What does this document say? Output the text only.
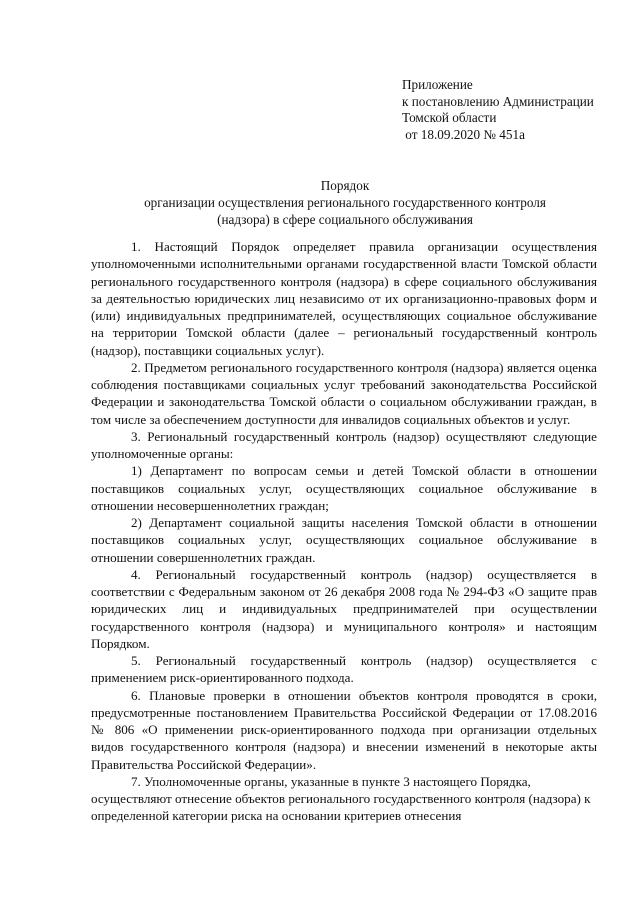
Приложение
к постановлению Администрации
Томской области
от 18.09.2020 № 451а
Порядок
организации осуществления регионального государственного контроля
(надзора) в сфере социального обслуживания

1. Настоящий Порядок определяет правила организации осуществления уполномоченными исполнительными органами государственной власти Томской области регионального государственного контроля (надзора) в сфере социального обслуживания за деятельностью юридических лиц независимо от их организационно-правовых форм и (или) индивидуальных предпринимателей, осуществляющих социальное обслуживание на территории Томской области (далее – региональный государственный контроль (надзор), поставщики социальных услуг).

2. Предметом регионального государственного контроля (надзора) является оценка соблюдения поставщиками социальных услуг требований законодательства Российской Федерации и законодательства Томской области о социальном обслуживании граждан, в том числе за обеспечением доступности для инвалидов социальных объектов и услуг.

3. Региональный государственный контроль (надзор) осуществляют следующие уполномоченные органы:

1) Департамент по вопросам семьи и детей Томской области в отношении поставщиков социальных услуг, осуществляющих социальное обслуживание в отношении несовершеннолетних граждан;

2) Департамент социальной защиты населения Томской области в отношении поставщиков социальных услуг, осуществляющих социальное обслуживание в отношении совершеннолетних граждан.

4. Региональный государственный контроль (надзор) осуществляется в соответствии с Федеральным законом от 26 декабря 2008 года № 294-ФЗ «О защите прав юридических лиц и индивидуальных предпринимателей при осуществлении государственного контроля (надзора) и муниципального контроля» и настоящим Порядком.

5. Региональный государственный контроль (надзор) осуществляется с применением риск-ориентированного подхода.

6. Плановые проверки в отношении объектов контроля проводятся в сроки, предусмотренные постановлением Правительства Российской Федерации от 17.08.2016 № 806 «О применении риск-ориентированного подхода при организации отдельных видов государственного контроля (надзора) и внесении изменений в некоторые акты Правительства Российской Федерации».

7. Уполномоченные органы, указанные в пункте 3 настоящего Порядка, осуществляют отнесение объектов регионального государственного контроля (надзора) к определенной категории риска на основании критериев отнесения
